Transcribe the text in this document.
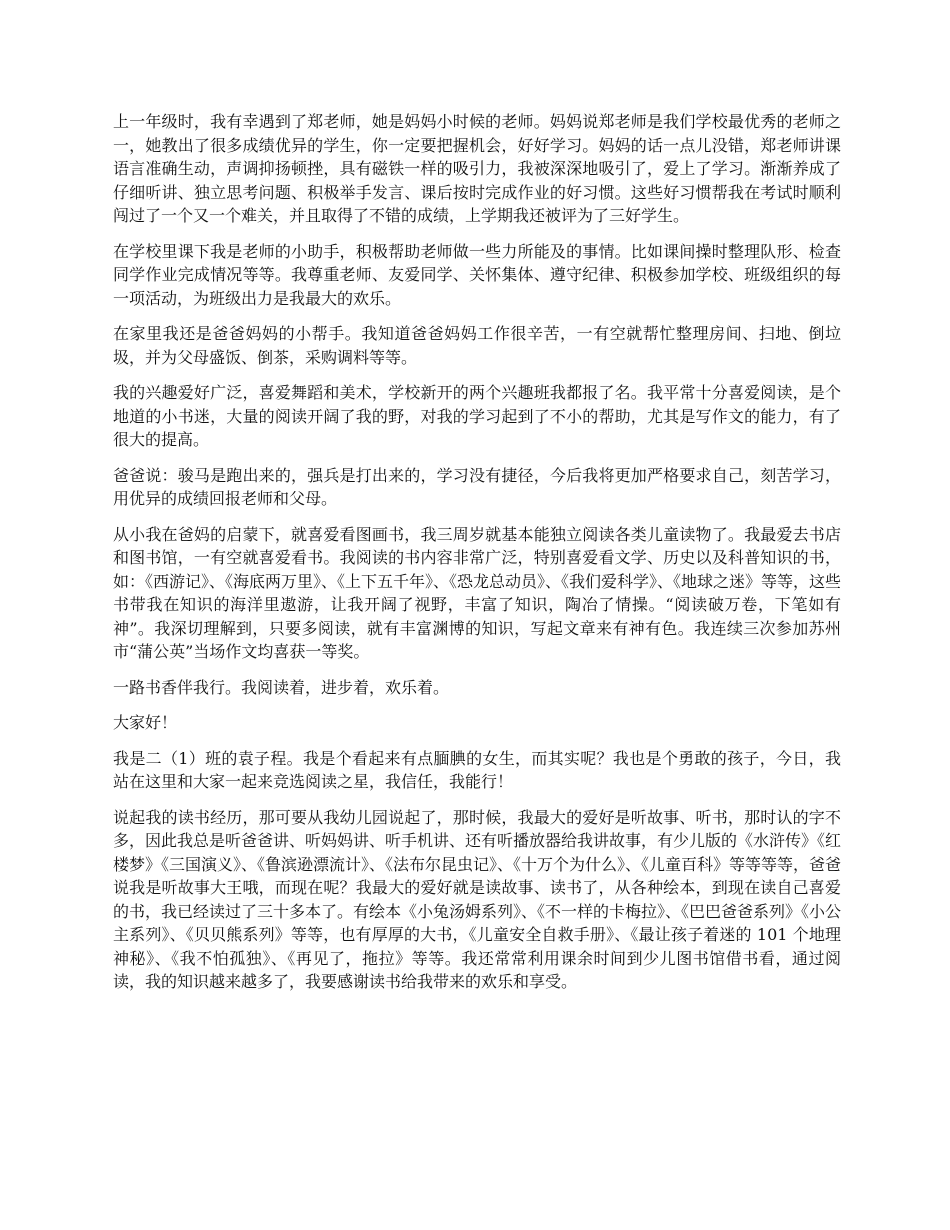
上一年级时，我有幸遇到了郑老师，她是妈妈小时候的老师。妈妈说郑老师是我们学校最优秀的老师之一，她教出了很多成绩优异的学生，你一定要把握机会，好好学习。妈妈的话一点儿没错，郑老师讲课语言准确生动，声调抑扬顿挫，具有磁铁一样的吸引力，我被深深地吸引了，爱上了学习。渐渐养成了仔细听讲、独立思考问题、积极举手发言、课后按时完成作业的好习惯。这些好习惯帮我在考试时顺利闯过了一个又一个难关，并且取得了不错的成绩，上学期我还被评为了三好学生。

在学校里课下我是老师的小助手，积极帮助老师做一些力所能及的事情。比如课间操时整理队形、检查同学作业完成情况等等。我尊重老师、友爱同学、关怀集体、遵守纪律、积极参加学校、班级组织的每一项活动，为班级出力是我最大的欢乐。

在家里我还是爸爸妈妈的小帮手。我知道爸爸妈妈工作很辛苦，一有空就帮忙整理房间、扫地、倒垃圾，并为父母盛饭、倒茶，采购调料等等。

我的兴趣爱好广泛，喜爱舞蹈和美术，学校新开的两个兴趣班我都报了名。我平常十分喜爱阅读，是个地道的小书迷，大量的阅读开阔了我的野，对我的学习起到了不小的帮助，尤其是写作文的能力，有了很大的提高。

爸爸说：骏马是跑出来的，强兵是打出来的，学习没有捷径，今后我将更加严格要求自己，刻苦学习，用优异的成绩回报老师和父母。

从小我在爸妈的启蒙下，就喜爱看图画书，我三周岁就基本能独立阅读各类儿童读物了。我最爱去书店和图书馆，一有空就喜爱看书。我阅读的书内容非常广泛，特别喜爱看文学、历史以及科普知识的书，如：《西游记》、《海底两万里》、《上下五千年》、《恐龙总动员》、《我们爱科学》、《地球之迷》等等，这些书带我在知识的海洋里遨游，让我开阔了视野，丰富了知识，陶冶了情操。“阅读破万卷，下笔如有神”。我深切理解到，只要多阅读，就有丰富渊博的知识，写起文章来有神有色。我连续三次参加苏州市“蒲公英”当场作文均喜获一等奖。

一路书香伴我行。我阅读着，进步着，欢乐着。

大家好！

我是二（1）班的袁子程。我是个看起来有点腼腆的女生，而其实呢？我也是个勇敢的孩子，今日，我站在这里和大家一起来竞选阅读之星，我信任，我能行！

说起我的读书经历，那可要从我幼儿园说起了，那时候，我最大的爱好是听故事、听书，那时认的字不多，因此我总是听爸爸讲、听妈妈讲、听手机讲、还有听播放器给我讲故事，有少儿版的《水浒传》《红楼梦》《三国演义》、《鲁滨逊漂流计》、《法布尔昆虫记》、《十万个为什么》、《儿童百科》等等等等，爸爸说我是听故事大王哦，而现在呢？我最大的爱好就是读故事、读书了，从各种绘本，到现在读自己喜爱的书，我已经读过了三十多本了。有绘本《小兔汤姆系列》、《不一样的卡梅拉》、《巴巴爸爸系列》《小公主系列》、《贝贝熊系列》等等，也有厚厚的大书，《儿童安全自救手册》、《最让孩子着迷的 101 个地理神秘》、《我不怕孤独》、《再见了，拖拉》等等。我还常常利用课余时间到少儿图书馆借书看，通过阅读，我的知识越来越多了，我要感谢读书给我带来的欢乐和享受。
